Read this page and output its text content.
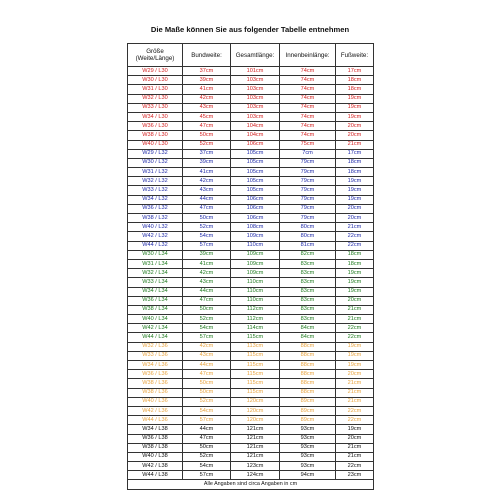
Die Maße können Sie aus folgender Tabelle entnehmen
Größe
(Weite/Länge)	Bundweite:	Gesamtlänge:	Innenbeinlänge:	Fußweite:
W29 / L30	37cm	101cm	74cm	17cm
W30 / L30	39cm	103cm	74cm	18cm
W31 / L30	41cm	103cm	74cm	18cm
W32 / L30	42cm	103cm	74cm	19cm
W33 / L30	43cm	103cm	74cm	19cm
W34 / L30	45cm	103cm	74cm	19cm
W36 / L30	47cm	104cm	74cm	20cm
W38 / L30	50cm	104cm	74cm	20cm
W40 / L30	52cm	106cm	75cm	21cm
W29 / L32	37cm	105cm	7cm	17cm
W30 / L32	39cm	105cm	79cm	18cm
W31 / L32	41cm	105cm	79cm	18cm
W32 / L32	42cm	105cm	79cm	19cm
W33 / L32	43cm	105cm	79cm	19cm
W34 / L32	44cm	106cm	79cm	19cm
W36 / L32	47cm	106cm	79cm	20cm
W38 / L32	50cm	106cm	79cm	20cm
W40 / L32	52cm	108cm	80cm	21cm
W42 / L32	54cm	109cm	80cm	22cm
W44 / L32	57cm	110cm	81cm	22cm
W30 / L34	39cm	109cm	82cm	18cm
W31 / L34	41cm	109cm	83cm	18cm
W32 / L34	42cm	109cm	83cm	19cm
W33 / L34	43cm	110cm	83cm	19cm
W34 / L34	44cm	110cm	83cm	19cm
W36 / L34	47cm	110cm	83cm	20cm
W38 / L34	50cm	112cm	83cm	21cm
W40 / L34	52cm	112cm	83cm	21cm
W42 / L34	54cm	114cm	84cm	22cm
W44 / L34	57cm	115cm	84cm	22cm
W32 / L36	42cm	113cm	88cm	19cm
W33 / L36	43cm	115cm	88cm	19cm
W34 / L36	44cm	115cm	88cm	19cm
W36 / L36	47cm	115cm	88cm	20cm
W38 / L36	50cm	115cm	88cm	21cm
W38 / L36	50cm	115cm	88cm	21cm
W40 / L36	52cm	120cm	89cm	21cm
W42 / L36	54cm	120cm	89cm	22cm
W44 / L36	57cm	120cm	89cm	22cm
W34 / L38	44cm	121cm	93cm	19cm
W36 / L38	47cm	121cm	93cm	20cm
W38 / L38	50cm	121cm	93cm	21cm
W40 / L38	52cm	121cm	93cm	21cm
W42 / L38	54cm	123cm	93cm	22cm
W44 / L38	57cm	124cm	94cm	23cm
Alle Angaben sind circa Angaben in cm				
